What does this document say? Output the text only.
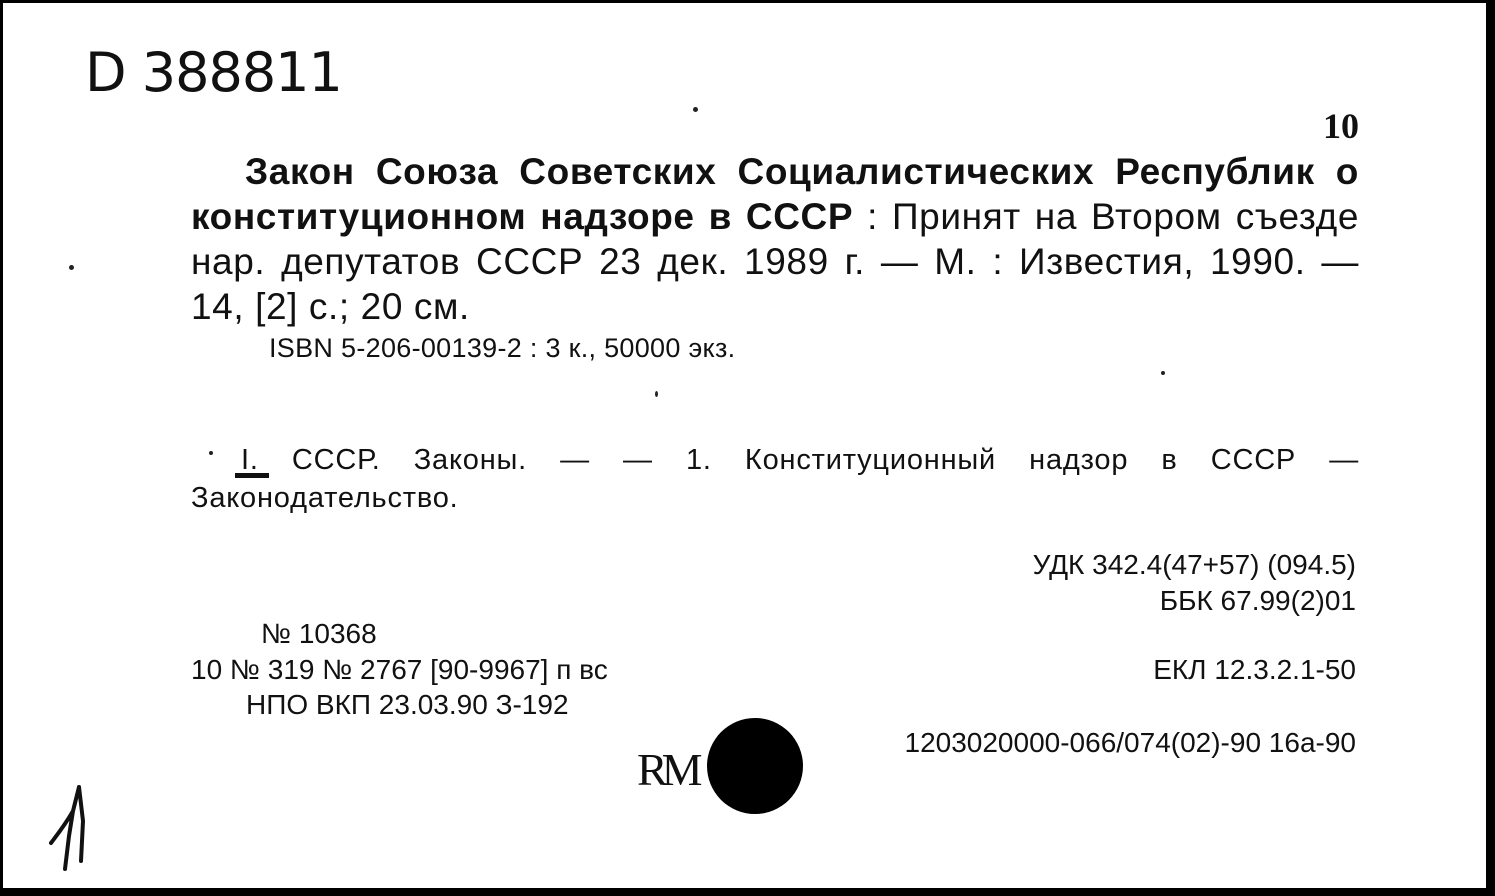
D 388811
10

Закон Союза Советских Социалистических Республик о конституционном надзоре в СССР : Принят на Втором съезде нар. депутатов СССР 23 дек. 1989 г. — М. : Известия, 1990. — 14, [2] с.; 20 см.

ISBN 5-206-00139-2 : 3 к., 50000 экз.

I. СССР. Законы. — — 1. Конституционный надзор в СССР — Законодательство.

УДК 342.4(47+57) (094.5)
ББК 67.99(2)01
№ 10368
10 № 319 № 2767 [90-9967] п вс	ЕКЛ 12.3.2.1-50
НПО ВКП 23.03.90 З-192
1203020000-066/074(02)-90 16а-90
RM
